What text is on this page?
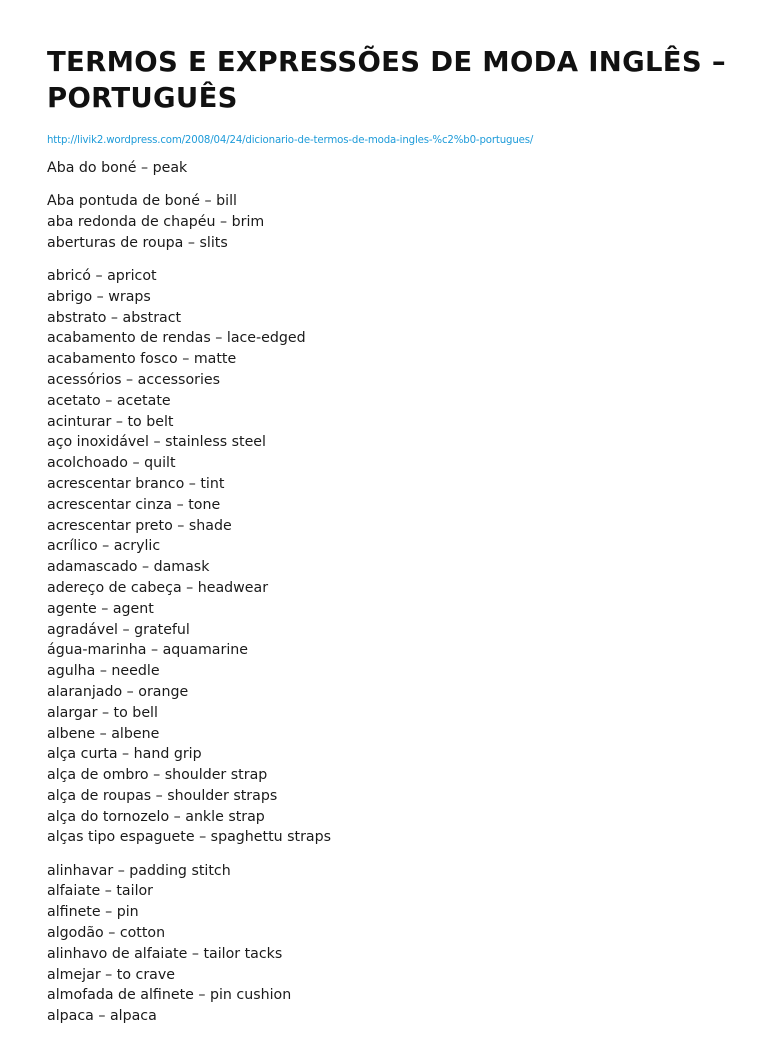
TERMOS E EXPRESSÕES DE MODA INGLÊS –PORTUGUÊS
http://livik2.wordpress.com/2008/04/24/dicionario-de-termos-de-moda-ingles-%c2%b0-portugues/
Aba do boné – peak
Aba pontuda de boné – bill
aba redonda de chapéu – brim
aberturas de roupa – slits
abricó – apricot
abrigo – wraps
abstrato – abstract
acabamento de rendas – lace-edged
acabamento fosco – matte
acessórios – accessories
acetato – acetate
acinturar – to belt
aço inoxidável – stainless steel
acolchoado – quilt
acrescentar branco – tint
acrescentar cinza – tone
acrescentar preto – shade
acrílico – acrylic
adamascado – damask
adereço de cabeça – headwear
agente – agent
agradável – grateful
água-marinha – aquamarine
agulha – needle
alaranjado – orange
alargar – to bell
albene – albene
alça curta – hand grip
alça de ombro – shoulder strap
alça de roupas – shoulder straps
alça do tornozelo – ankle strap
alças tipo espaguete – spaghettu straps
alinhavar – padding stitch
alfaiate – tailor
alfinete – pin
algodão – cotton
alinhavo de alfaiate – tailor tacks
almejar – to crave
almofada de alfinete – pin cushion
alpaca – alpaca
